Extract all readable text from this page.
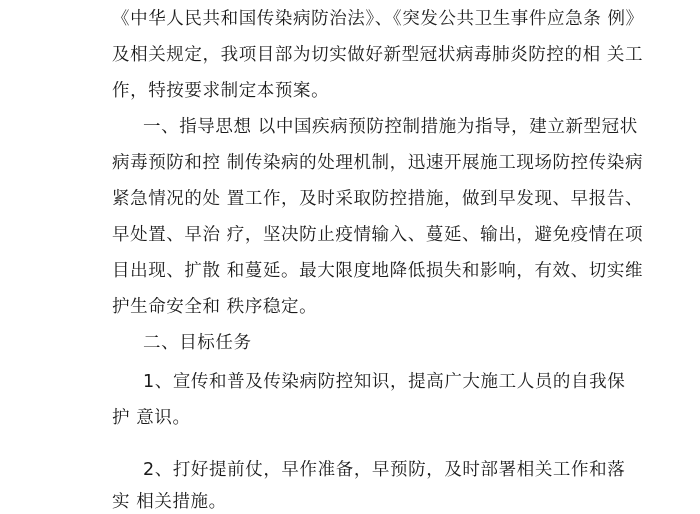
《中华人民共和国传染病防治法》、《突发公共卫生事件应急条 例》
及相关规定，我项目部为切实做好新型冠状病毒肺炎防控的相 关工
作，特按要求制定本预案。
一、指导思想 以中国疾病预防控制措施为指导，建立新型冠状
病毒预防和控 制传染病的处理机制，迅速开展施工现场防控传染病
紧急情况的处 置工作，及时采取防控措施，做到早发现、早报告、
早处置、早治 疗，坚决防止疫情输入、蔓延、输出，避免疫情在项
目出现、扩散 和蔓延。最大限度地降低损失和影响，有效、切实维
护生命安全和 秩序稳定。
二、目标任务
1、宣传和普及传染病防控知识，提高广大施工人员的自我保
护 意识。
2、打好提前仗，早作准备，早预防，及时部署相关工作和落
实 相关措施。
